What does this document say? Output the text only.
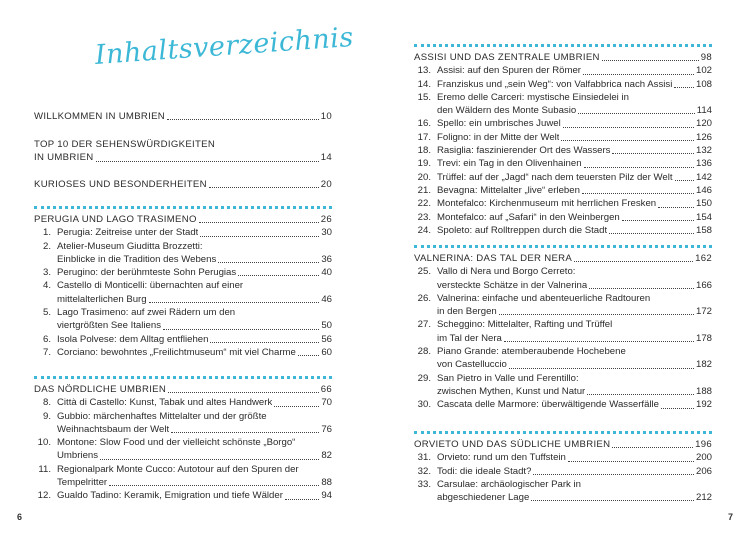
Inhaltsverzeichnis
WILLKOMMEN IN UMBRIEN	10
TOP 10 DER SEHENSWÜRDIGKEITEN
IN UMBRIEN	14
KURIOSES UND BESONDERHEITEN	20
PERUGIA UND LAGO TRASIMENO	26
1. Perugia: Zeitreise unter der Stadt	30
2. Atelier-Museum Giuditta Brozzetti:
Einblicke in die Tradition des Webens	36
3. Perugino: der berühmteste Sohn Perugias	40
4. Castello di Monticelli: übernachten auf einer
mittelalterlichen Burg	46
5. Lago Trasimeno: auf zwei Rädern um den
viertgrößten See Italiens	50
6. Isola Polvese: dem Alltag entfliehen	56
7. Corciano: bewohntes „Freilichtmuseum“ mit viel Charme	60
DAS NÖRDLICHE UMBRIEN	66
8. Città di Castello: Kunst, Tabak und altes Handwerk	70
9. Gubbio: märchenhaftes Mittelalter und der größte
Weihnachtsbaum der Welt	76
10. Montone: Slow Food und der vielleicht schönste „Borgo“
Umbriens	82
11. Regionalpark Monte Cucco: Autotour auf den Spuren der
Tempelritter	88
12. Gualdo Tadino: Keramik, Emigration und tiefe Wälder	94
6
ASSISI UND DAS ZENTRALE UMBRIEN	98
13. Assisi: auf den Spuren der Römer	102
14. Franziskus und „sein Weg“: von Valfabbrica nach Assisi 108
15. Eremo delle Carceri: mystische Einsiedelei in
den Wäldern des Monte Subasio	114
16. Spello: ein umbrisches Juwel	120
17. Foligno: in der Mitte der Welt	126
18. Rasiglia: faszinierender Ort des Wassers	132
19. Trevi: ein Tag in den Olivenhainen	136
20. Trüffel: auf der „Jagd“ nach dem teuersten Pilz der Welt 142
21. Bevagna: Mittelalter „live“ erleben	146
22. Montefalco: Kirchenmuseum mit herrlichen Fresken	150
23. Montefalco: auf „Safari“ in den Weinbergen	154
24. Spoleto: auf Rolltreppen durch die Stadt	158
VALNERINA: DAS TAL DER NERA	162
25. Vallo di Nera und Borgo Cerreto:
versteckte Schätze in der Valnerina	166
26. Valnerina: einfache und abenteuerliche Radtouren
in den Bergen	172
27. Scheggino: Mittelalter, Rafting und Trüffel
im Tal der Nera	178
28. Piano Grande: atemberaubende Hochebene
von Castelluccio	182
29. San Pietro in Valle und Ferentillo:
zwischen Mythen, Kunst und Natur	188
30. Cascata delle Marmore: überwältigende Wasserfälle	192
ORVIETO UND DAS SÜDLICHE UMBRIEN	196
31. Orvieto: rund um den Tuffstein	200
32. Todi: die ideale Stadt?	206
33. Carsulae: archäologischer Park in
abgeschiedener Lage	212
7
